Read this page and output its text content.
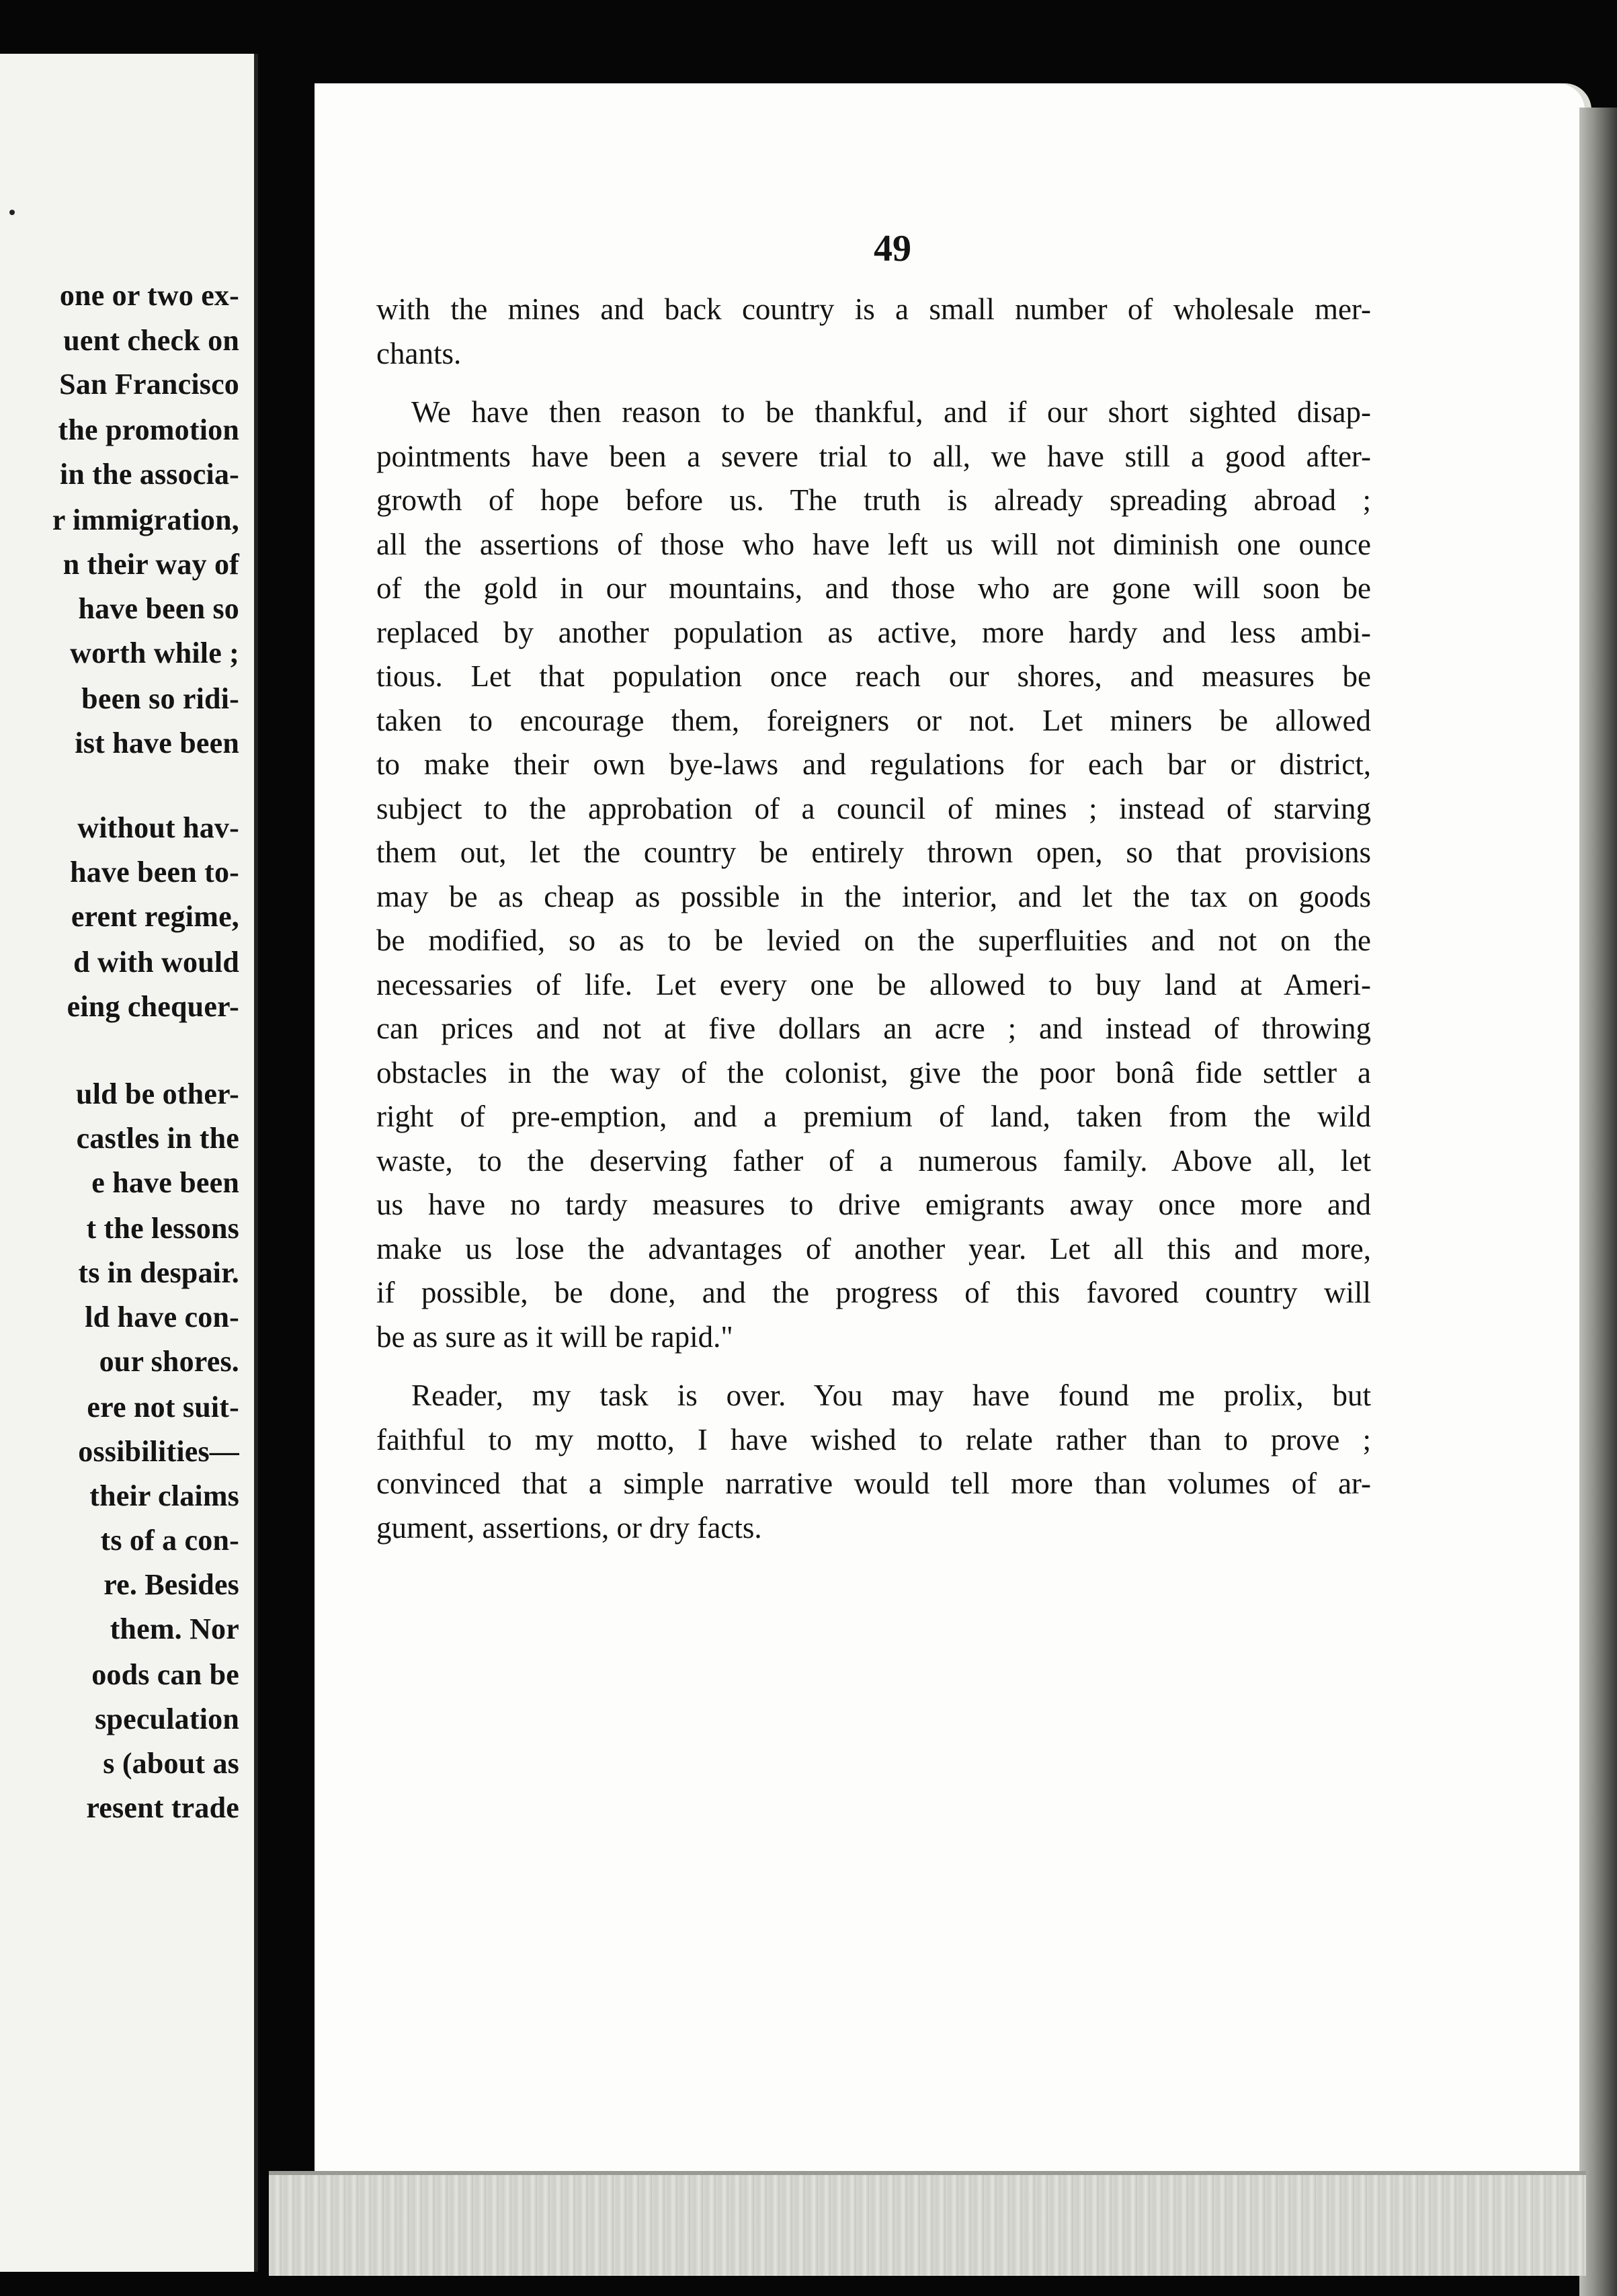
one or two ex-
uent check on
San Francisco
the promotion
in the associa-
r immigration,
n their way of
have been so
worth while ;
been so ridi-
ist have been
without hav-
have been to-
erent regime,
d with would
eing chequer-
uld be other-
castles in the
e have been
t the lessons
ts in despair.
ld have con-
our shores.
ere not suit-
ossibilities—
their claims
ts of a con-
re. Besides
them. Nor
oods can be
speculation
s (about as
resent trade
49
with the mines and back country is a small number of wholesale mer-
chants.
We have then reason to be thankful, and if our short sighted disap-
pointments have been a severe trial to all, we have still a good after-
growth of hope before us. The truth is already spreading abroad ;
all the assertions of those who have left us will not diminish one ounce
of the gold in our mountains, and those who are gone will soon be
replaced by another population as active, more hardy and less ambi-
tious. Let that population once reach our shores, and measures be
taken to encourage them, foreigners or not. Let miners be allowed
to make their own bye-laws and regulations for each bar or district,
subject to the approbation of a council of mines ; instead of starving
them out, let the country be entirely thrown open, so that provisions
may be as cheap as possible in the interior, and let the tax on goods
be modified, so as to be levied on the superfluities and not on the
necessaries of life. Let every one be allowed to buy land at Ameri-
can prices and not at five dollars an acre ; and instead of throwing
obstacles in the way of the colonist, give the poor bonâ fide settler a
right of pre-emption, and a premium of land, taken from the wild
waste, to the deserving father of a numerous family. Above all, let
us have no tardy measures to drive emigrants away once more and
make us lose the advantages of another year. Let all this and more,
if possible, be done, and the progress of this favored country will
be as sure as it will be rapid."
Reader, my task is over. You may have found me prolix, but
faithful to my motto, I have wished to relate rather than to prove ;
convinced that a simple narrative would tell more than volumes of ar-
gument, assertions, or dry facts.
